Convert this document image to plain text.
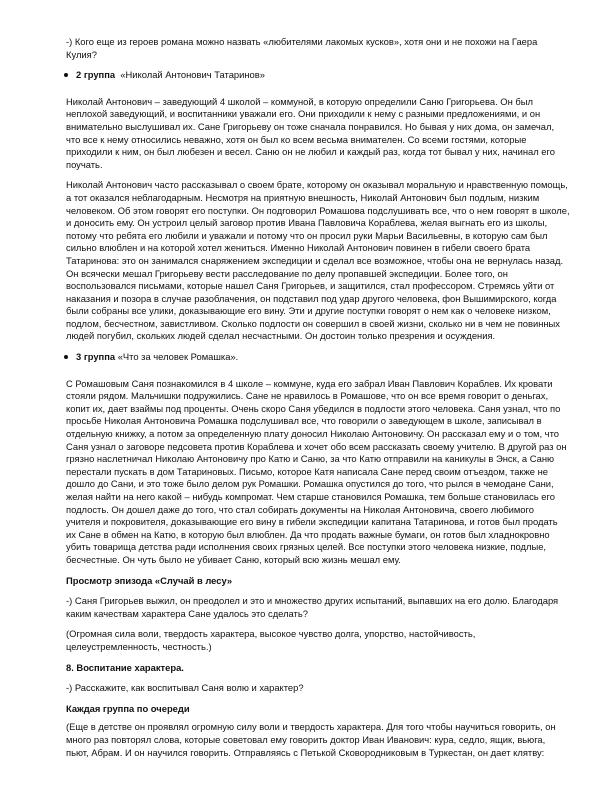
-) Кого еще из героев романа можно назвать «любителями лакомых кусков», хотя они и не похожи на Гаера Кулия?

2 группа «Николай Антонович Татаринов»

Николай Антонович – заведующий 4 школой – коммуной, в которую определили Саню Григорьева. Он был неплохой заведующий, и воспитанники уважали его. Они приходили к нему с разными предложениями, и он внимательно выслушивал их. Сане Григорьеву он тоже сначала понравился. Но бывая у них дома, он замечал, что все к нему относились неважно, хотя он был ко всем весьма внимателен. Со всеми гостями, которые приходили к ним, он был любезен и весел. Саню он не любил и каждый раз, когда тот бывал у них, начинал его поучать.

Николай Антонович часто рассказывал о своем брате, которому он оказывал моральную и нравственную помощь, а тот оказался неблагодарным. Несмотря на приятную внешность, Николай Антонович был подлым, низким человеком. Об этом говорят его поступки. Он подговорил Ромашова подслушивать все, что о нем говорят в школе, и доносить ему. Он устроил целый заговор против Ивана Павловича Кораблева, желая выгнать его из школы, потому что ребята его любили и уважали и потому что он просил руки Марьи Васильевны, в которую сам был сильно влюблен и на которой хотел жениться. Именно Николай Антонович повинен в гибели своего брата Татаринова: это он занимался снаряжением экспедиции и сделал все возможное, чтобы она не вернулась назад. Он всячески мешал Григорьеву вести расследование по делу пропавшей экспедиции. Более того, он воспользовался письмами, которые нашел Саня Григорьев, и защитился, стал профессором. Стремясь уйти от наказания и позора в случае разоблачения, он подставил под удар другого человека, фон Вышимирского, когда были собраны все улики, доказывающие его вину. Эти и другие поступки говорят о нем как о человеке низком, подлом, бесчестном, завистливом. Сколько подлости он совершил в своей жизни, сколько ни в чем не повинных людей погубил, скольких людей сделал несчастными. Он достоин только презрения и осуждения.

3 группа «Что за человек Ромашка».

С Ромашовым Саня познакомился в 4 школе – коммуне, куда его забрал Иван Павлович Кораблев. Их кровати стояли рядом. Мальчишки подружились. Сане не нравилось в Ромашове, что он все время говорит о деньгах, копит их, дает взаймы под проценты. Очень скоро Саня убедился в подлости этого человека. Саня узнал, что по просьбе Николая Антоновича Ромашка подслушивал все, что говорили о заведующем в школе, записывал в отдельную книжку, а потом за определенную плату доносил Николаю Антоновичу. Он рассказал ему и о том, что Саня узнал о заговоре педсовета против Кораблева и хочет обо всем рассказать своему учителю. В другой раз он грязно наслетничал Николаю Антоновичу про Катю и Саню, за что Катю отправили на каникулы в Энск, а Саню перестали пускать в дом Татариновых. Письмо, которое Катя написала Сане перед своим отъездом, также не дошло до Сани, и это тоже было делом рук Ромашки. Ромашка опустился до того, что рылся в чемодане Сани, желая найти на него какой – нибудь компромат. Чем старше становился Ромашка, тем больше становилась его подлость. Он дошел даже до того, что стал собирать документы на Николая Антоновича, своего любимого учителя и покровителя, доказывающие его вину в гибели экспедиции капитана Татаринова, и готов был продать их Сане в обмен на Катю, в которую был влюблен. Да что продать важные бумаги, он готов был хладнокровно убить товарища детства ради исполнения своих грязных целей. Все поступки этого человека низкие, подлые, бесчестные. Он чуть было не убивает Саню, который всю жизнь мешал ему.

Просмотр эпизода «Случай в лесу»

-) Саня Григорьев выжил, он преодолел и это и множество других испытаний, выпавших на его долю. Благодаря каким качествам характера Сане удалось это сделать?

(Огромная сила воли, твердость характера, высокое чувство долга, упорство, настойчивость, целеустремленность, честность.)

8. Воспитание характера.

-) Расскажите, как воспитывал Саня волю и характер?

Каждая группа по очереди

(Еще в детстве он проявлял огромную силу воли и твердость характера. Для того чтобы научиться говорить, он много раз повторял слова, которые советовал ему говорить доктор Иван Иванович: кура, седло, ящик, вьюга, пьют, Абрам. И он научился говорить. Отправляясь с Петькой Сковородниковым в Туркестан, он дает клятву:
